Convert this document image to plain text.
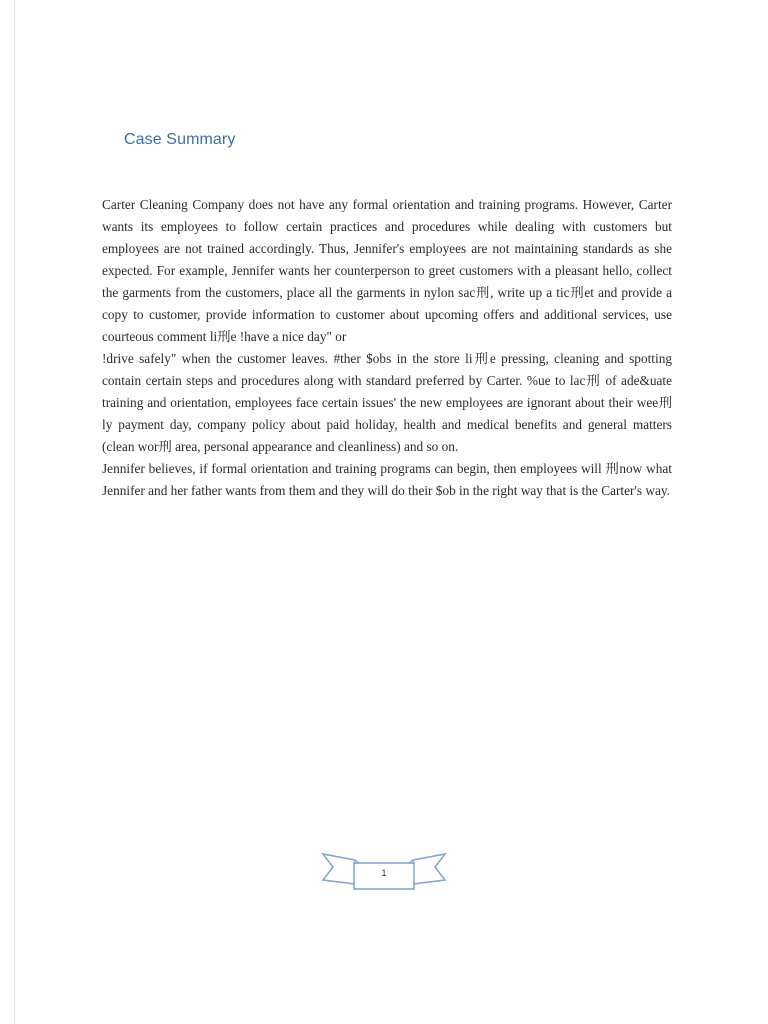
Case Summary
Carter Cleaning Company does not have any formal orientation and training programs. However, Carter wants its employees to follow certain practices and procedures while dealing with customers but employees are not trained accordingly. Thus, Jennifer's employees are not maintaining standards as she expected. For example, Jennifer wants her counterperson to greet customers with a pleasant hello, collect the garments from the customers, place all the garments in nylon sac刑, write up a tic刑et and provide a copy to customer, provide information to customer about upcoming offers and additional services, use courteous comment li刑e !have a nice day" or
!drive safely" when the customer leaves. #ther $obs in the store li刑e pressing, cleaning and spotting contain certain steps and procedures along with standard preferred by Carter. %ue to lac刑 of ade&uate training and orientation, employees face certain issues' the new employees are ignorant about their wee刑ly payment day, company policy about paid holiday, health and medical benefits and general matters (clean wor刑 area, personal appearance and cleanliness) and so on.
Jennifer believes, if formal orientation and training programs can begin, then employees will 刑now what Jennifer and her father wants from them and they will do their $ob in the right way that is the Carter's way.
1
